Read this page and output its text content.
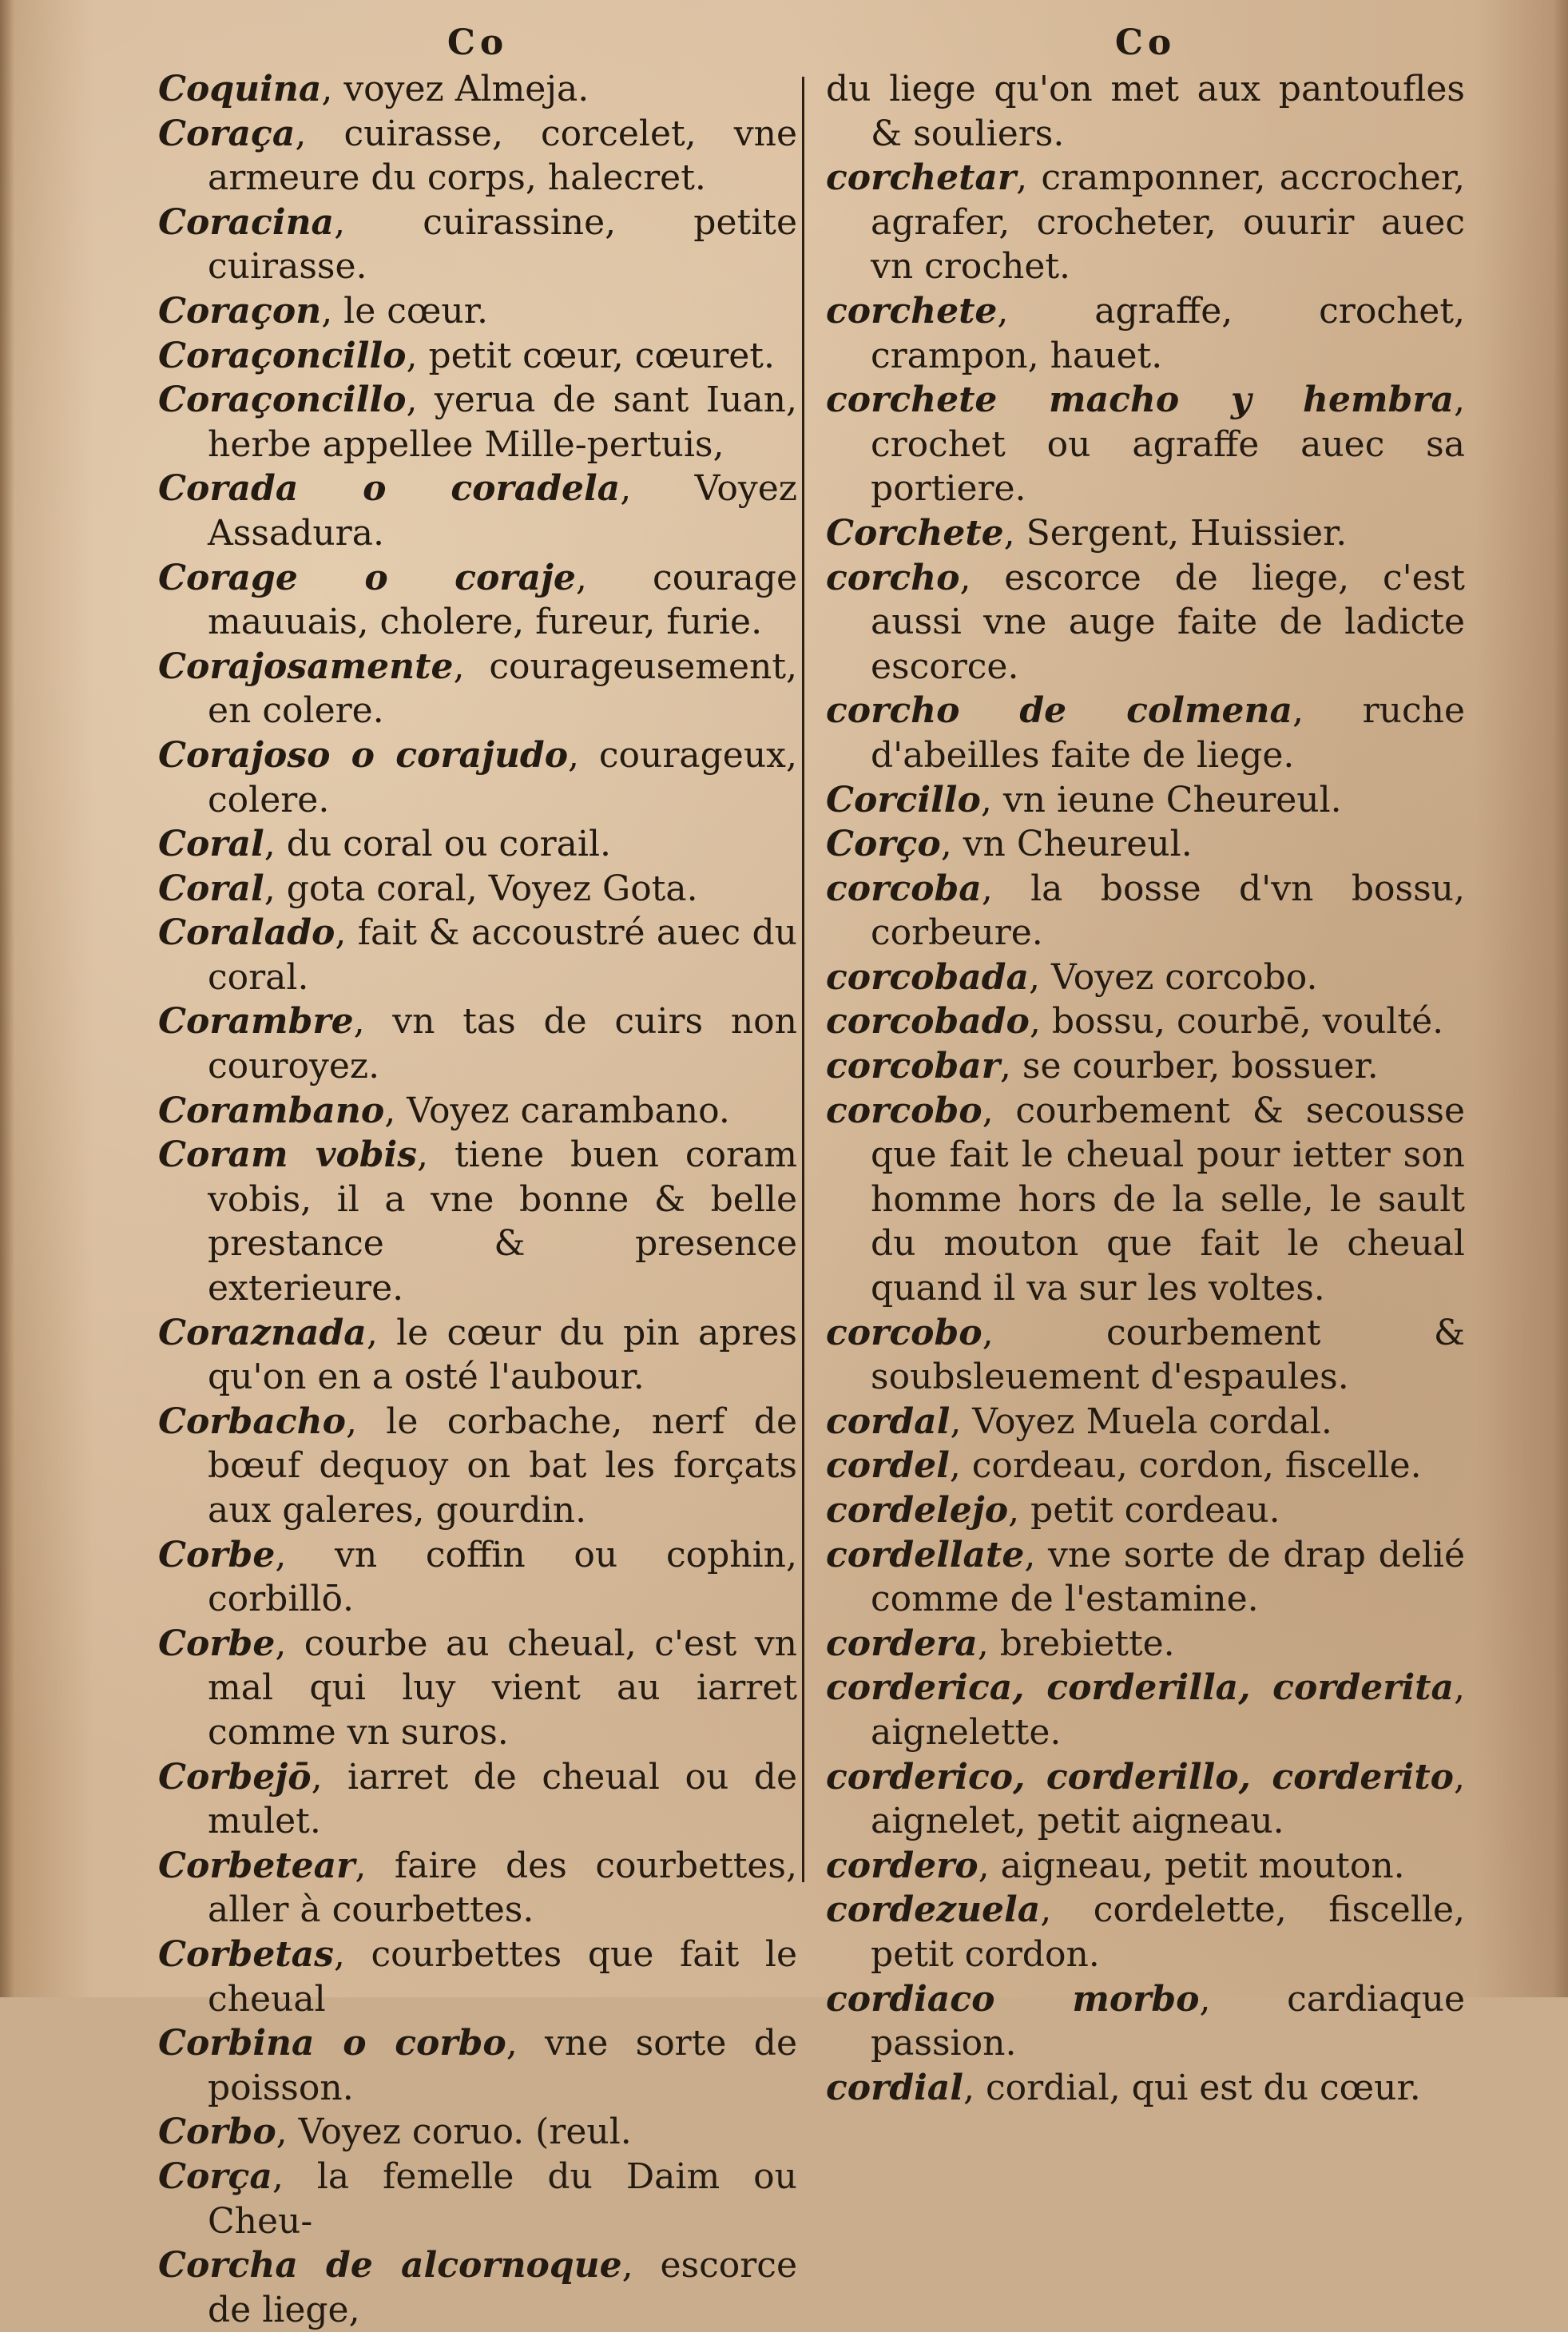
Co

Coquina, voyez Almeja.

Coraça, cuirasse, corcelet, vne armeure du corps, halecret.

Coracina, cuirassine, petite cuirasse.

Coraçon, le cœur.

Coraçoncillo, petit cœur, cœuret.

Coraçoncillo, yerua de sant Iuan, herbe appellee Mille-pertuis,

Corada o coradela, Voyez Assadura.

Corage o coraje, courage mauuais, cholere, fureur, furie.

Corajosamente, courageusement, en colere.

Corajoso o corajudo, courageux, colere.

Coral, du coral ou corail.

Coral, gota coral, Voyez Gota.

Coralado, fait & accoustré auec du coral.

Corambre, vn tas de cuirs non couroyez.

Corambano, Voyez carambano.

Coram vobis, tiene buen coram vobis, il a vne bonne & belle prestance & presence exterieure.

Coraznada, le cœur du pin apres qu'on en a osté l'aubour.

Corbacho, le corbache, nerf de bœuf dequoy on bat les forçats aux galeres, gourdin.

Corbe, vn coffin ou cophin, corbillō.

Corbe, courbe au cheual, c'est vn mal qui luy vient au iarret comme vn suros.

Corbejō, iarret de cheual ou de mulet.

Corbetear, faire des courbettes, aller à courbettes.

Corbetas, courbettes que fait le cheual

Corbina o corbo, vne sorte de poisson.

Corbo, Voyez coruo. (reul.

Corça, la femelle du Daim ou Cheu-

Corcha de alcornoque, escorce de liege,

Co

du liege qu'on met aux pantoufles & souliers.

corchetar, cramponner, accrocher, agrafer, crocheter, ouurir auec vn crochet.

corchete, agraffe, crochet, crampon, hauet.

corchete macho y hembra, crochet ou agraffe auec sa portiere.

Corchete, Sergent, Huissier.

corcho, escorce de liege, c'est aussi vne auge faite de ladicte escorce.

corcho de colmena, ruche d'abeilles faite de liege.

Corcillo, vn ieune Cheureul.

Corço, vn Cheureul.

corcoba, la bosse d'vn bossu, corbeure.

corcobada, Voyez corcobo.

corcobado, bossu, courbē, voulté.

corcobar, se courber, bossuer.

corcobo, courbement & secousse que fait le cheual pour ietter son homme hors de la selle, le sault du mouton que fait le cheual quand il va sur les voltes.

corcobo, courbement & soubsleuement d'espaules.

cordal, Voyez Muela cordal.

cordel, cordeau, cordon, fiscelle.

cordelejo, petit cordeau.

cordellate, vne sorte de drap delié comme de l'estamine.

cordera, brebiette.

corderica, corderilla, corderita, aignelette.

corderico, corderillo, corderito, aignelet, petit aigneau.

cordero, aigneau, petit mouton.

cordezuela, cordelette, fiscelle, petit cordon.

cordiaco morbo, cardiaque passion.

cordial, cordial, qui est du cœur.
